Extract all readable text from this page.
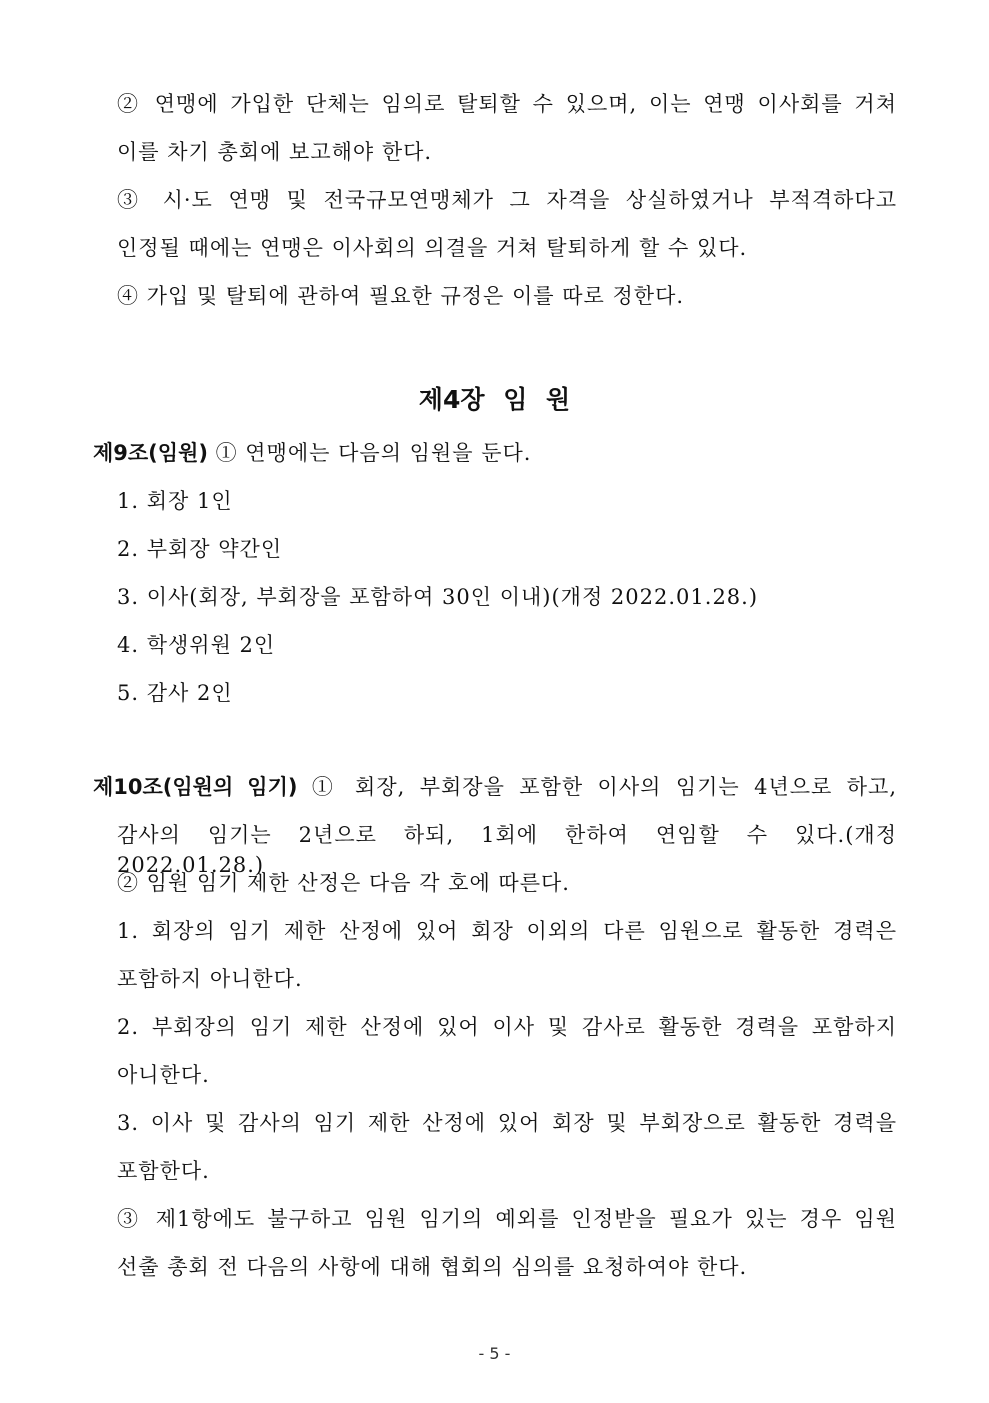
② 연맹에 가입한 단체는 임의로 탈퇴할 수 있으며, 이는 연맹 이사회를 거쳐
이를 차기 총회에 보고해야 한다.
③ 시·도 연맹 및 전국규모연맹체가 그 자격을 상실하였거나 부적격하다고
인정될 때에는 연맹은 이사회의 의결을 거쳐 탈퇴하게 할 수 있다.
④ 가입 및 탈퇴에 관하여 필요한 규정은 이를 따로 정한다.
제4장 임 원
제9조(임원) ① 연맹에는 다음의 임원을 둔다.
1. 회장 1인
2. 부회장 약간인
3. 이사(회장, 부회장을 포함하여 30인 이내)(개정 2022.01.28.)
4. 학생위원 2인
5. 감사 2인
제10조(임원의 임기) ① 회장, 부회장을 포함한 이사의 임기는 4년으로 하고,
감사의 임기는 2년으로 하되, 1회에 한하여 연임할 수 있다.(개정 2022.01.28.)
② 임원 임기 제한 산정은 다음 각 호에 따른다.
1. 회장의 임기 제한 산정에 있어 회장 이외의 다른 임원으로 활동한 경력은
포함하지 아니한다.
2. 부회장의 임기 제한 산정에 있어 이사 및 감사로 활동한 경력을 포함하지
아니한다.
3. 이사 및 감사의 임기 제한 산정에 있어 회장 및 부회장으로 활동한 경력을
포함한다.
③ 제1항에도 불구하고 임원 임기의 예외를 인정받을 필요가 있는 경우 임원
선출 총회 전 다음의 사항에 대해 협회의 심의를 요청하여야 한다.
- 5 -
